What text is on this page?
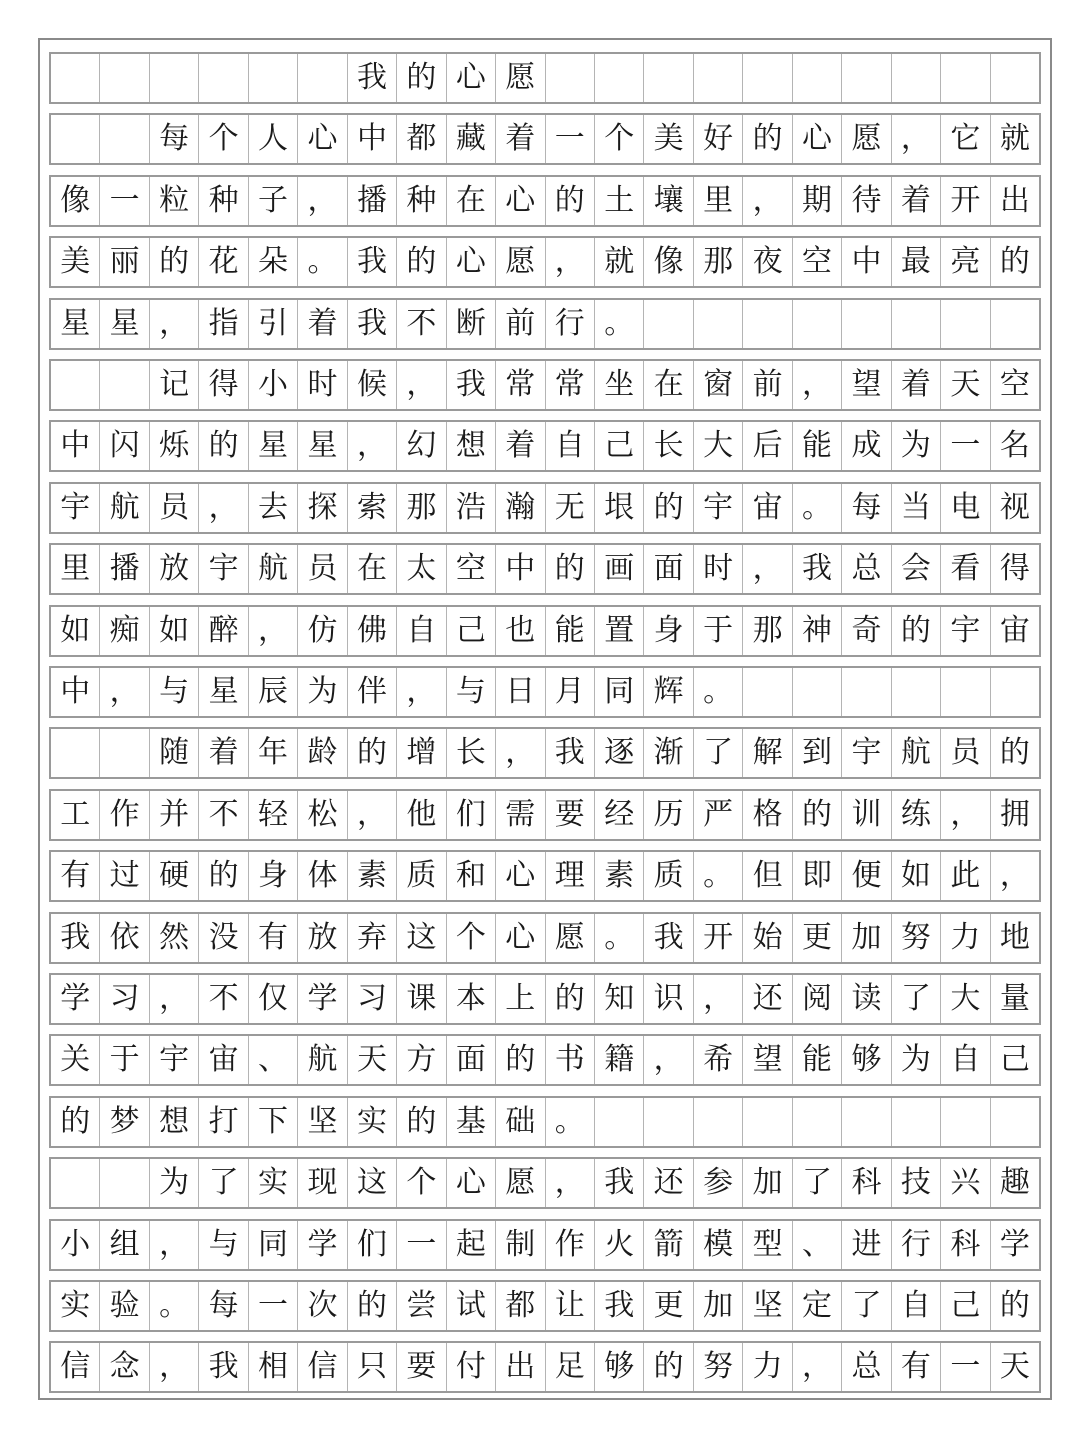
我 的 心 愿
每 个 人 心 中 都 藏 着 一 个 美 好 的 心 愿 ， 它 就
像 一 粒 种 子 ， 播 种 在 心 的 土 壤 里 ， 期 待 着 开 出
美 丽 的 花 朵 。 我 的 心 愿 ， 就 像 那 夜 空 中 最 亮 的
星 星 ， 指 引 着 我 不 断 前 行 。
记 得 小 时 候 ， 我 常 常 坐 在 窗 前 ， 望 着 天 空
中 闪 烁 的 星 星 ， 幻 想 着 自 己 长 大 后 能 成 为 一 名
宇 航 员 ， 去 探 索 那 浩 瀚 无 垠 的 宇 宙 。 每 当 电 视
里 播 放 宇 航 员 在 太 空 中 的 画 面 时 ， 我 总 会 看 得
如 痴 如 醉 ， 仿 佛 自 己 也 能 置 身 于 那 神 奇 的 宇 宙
中 ， 与 星 辰 为 伴 ， 与 日 月 同 辉 。
随 着 年 龄 的 增 长 ， 我 逐 渐 了 解 到 宇 航 员 的
工 作 并 不 轻 松 ， 他 们 需 要 经 历 严 格 的 训 练 ， 拥
有 过 硬 的 身 体 素 质 和 心 理 素 质 。 但 即 便 如 此 ，
我 依 然 没 有 放 弃 这 个 心 愿 。 我 开 始 更 加 努 力 地
学 习 ， 不 仅 学 习 课 本 上 的 知 识 ， 还 阅 读 了 大 量
关 于 宇 宙 、 航 天 方 面 的 书 籍 ， 希 望 能 够 为 自 己
的 梦 想 打 下 坚 实 的 基 础 。
为 了 实 现 这 个 心 愿 ， 我 还 参 加 了 科 技 兴 趣
小 组 ， 与 同 学 们 一 起 制 作 火 箭 模 型 、 进 行 科 学
实 验 。 每 一 次 的 尝 试 都 让 我 更 加 坚 定 了 自 己 的
信 念 ， 我 相 信 只 要 付 出 足 够 的 努 力 ， 总 有 一 天
